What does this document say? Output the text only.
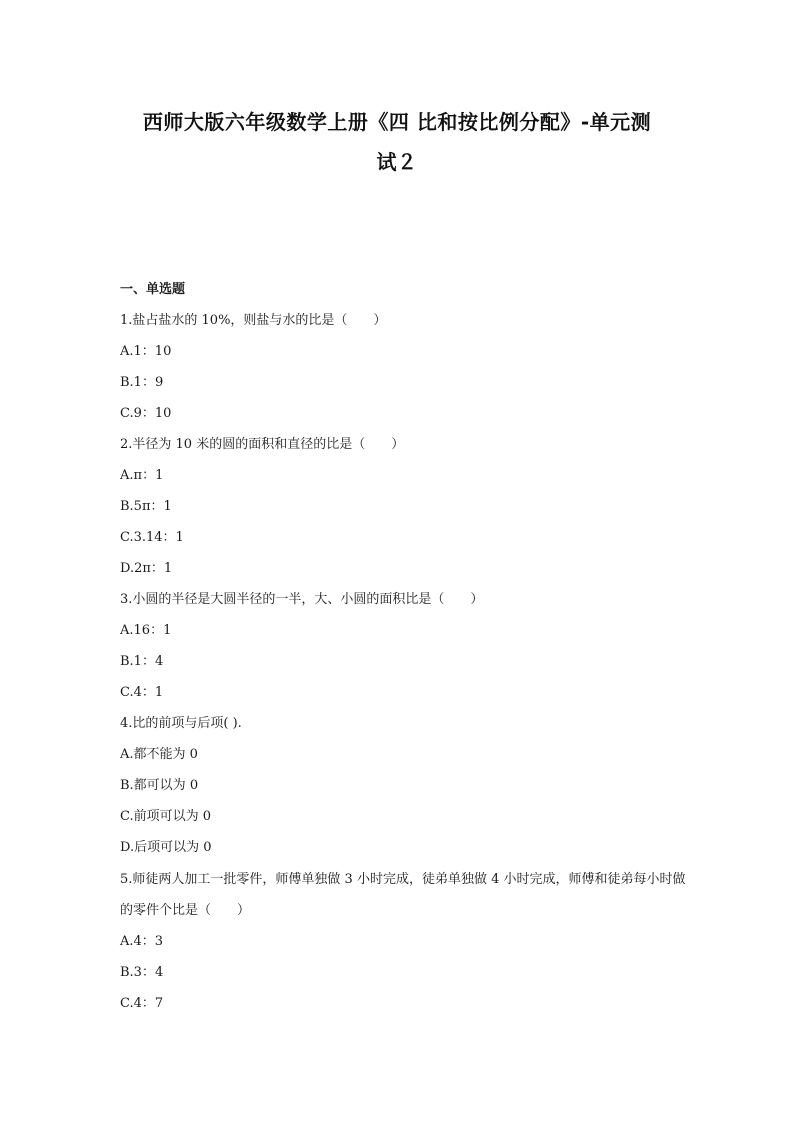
西师大版六年级数学上册《四 比和按比例分配》-单元测
试２
一、单选题
1.盐占盐水的 10%，则盐与水的比是（　　）
A.1：10
B.1：9
C.9：10
2.半径为 10 米的圆的面积和直径的比是（　　）
A.π：1
B.5π：1
C.3.14：1
D.2π：1
3.小圆的半径是大圆半径的一半，大、小圆的面积比是（　　）
A.16：1
B.1：4
C.4：1
4.比的前项与后项( ).
A.都不能为 0
B.都可以为 0
C.前项可以为 0
D.后项可以为 0
5.师徒两人加工一批零件，师傅单独做 3 小时完成，徒弟单独做 4 小时完成，师傅和徒弟每小时做的零件个比是（　　）
A.4：3
B.3：4
C.4：7
